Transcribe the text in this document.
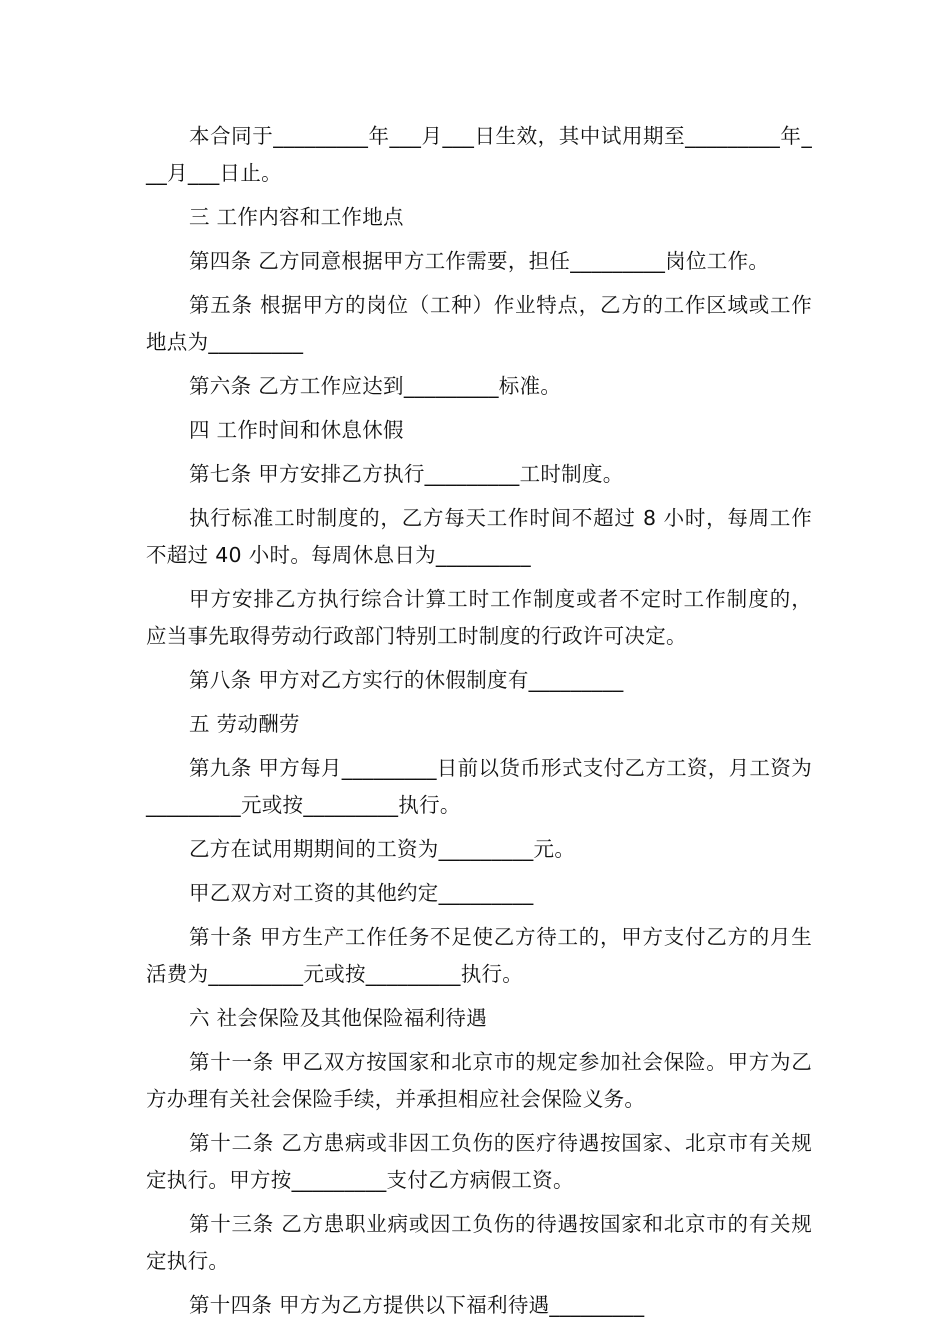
本合同于_________年___月___日生效，其中试用期至_________年___月___日止。

三 工作内容和工作地点

第四条 乙方同意根据甲方工作需要，担任_________岗位工作。

第五条 根据甲方的岗位（工种）作业特点，乙方的工作区域或工作地点为_________

第六条 乙方工作应达到_________标准。

四 工作时间和休息休假

第七条 甲方安排乙方执行_________工时制度。

执行标准工时制度的，乙方每天工作时间不超过 8 小时，每周工作不超过 40 小时。每周休息日为_________

甲方安排乙方执行综合计算工时工作制度或者不定时工作制度的，应当事先取得劳动行政部门特别工时制度的行政许可决定。

第八条 甲方对乙方实行的休假制度有_________

五 劳动酬劳

第九条 甲方每月_________日前以货币形式支付乙方工资，月工资为_________元或按_________执行。

乙方在试用期期间的工资为_________元。

甲乙双方对工资的其他约定_________

第十条 甲方生产工作任务不足使乙方待工的，甲方支付乙方的月生活费为_________元或按_________执行。

六 社会保险及其他保险福利待遇

第十一条 甲乙双方按国家和北京市的规定参加社会保险。甲方为乙方办理有关社会保险手续，并承担相应社会保险义务。

第十二条 乙方患病或非因工负伤的医疗待遇按国家、北京市有关规定执行。甲方按_________支付乙方病假工资。

第十三条 乙方患职业病或因工负伤的待遇按国家和北京市的有关规定执行。

第十四条 甲方为乙方提供以下福利待遇_________
